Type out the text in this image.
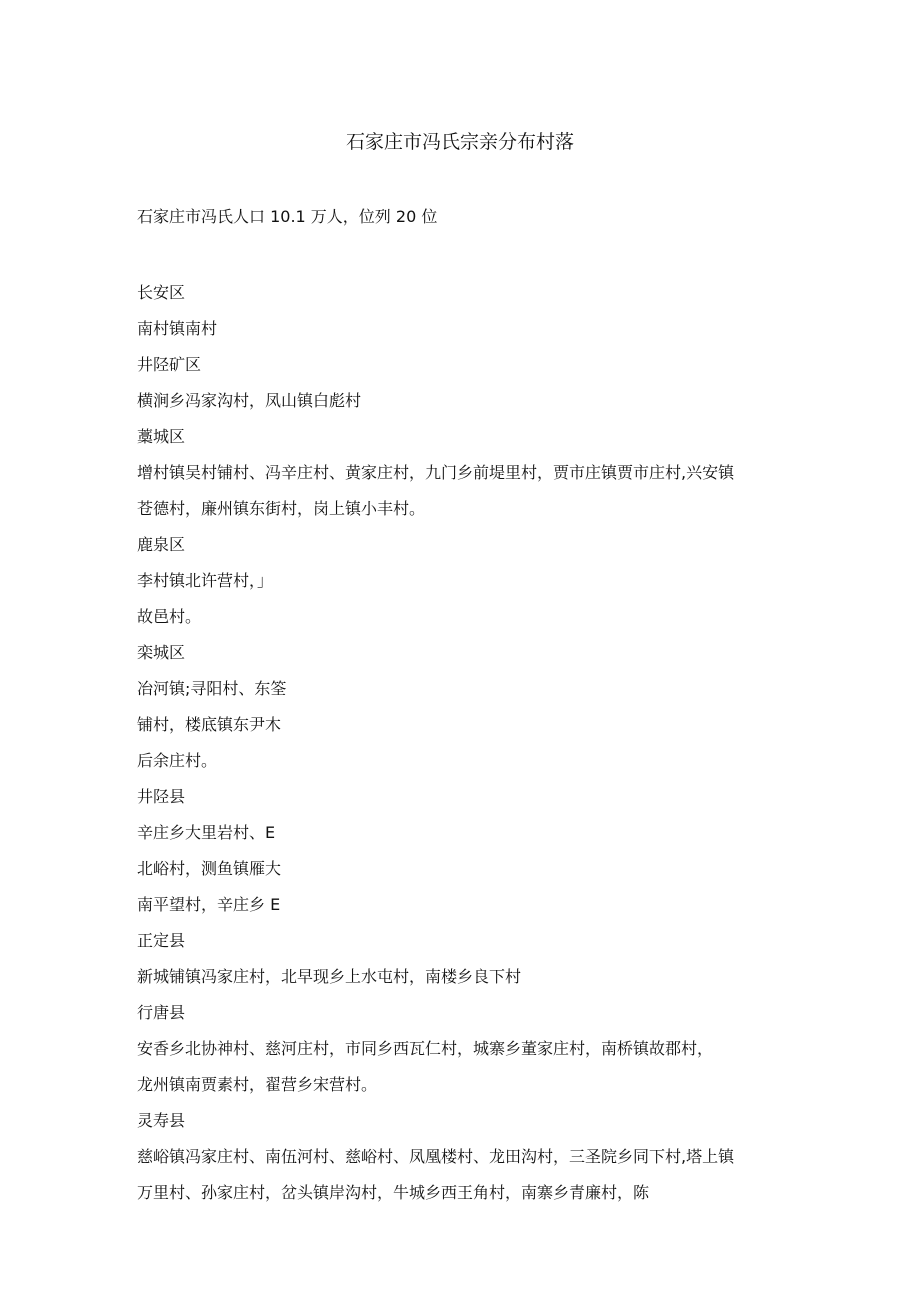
石家庄市冯氏宗亲分布村落
石家庄市冯氏人口 10.1 万人，位列 20 位
长安区
南村镇南村
井陉矿区
横涧乡冯家沟村，凤山镇白彪村
藁城区
增村镇吴村铺村、冯辛庄村、黄家庄村，九门乡前堤里村，贾市庄镇贾市庄村,兴安镇
苍德村，廉州镇东街村，岗上镇小丰村。
鹿泉区
李村镇北许营村，」
故邑村。
栾城区
冶河镇;寻阳村、东筌
铺村，楼底镇东尹木
后余庄村。
井陉县
辛庄乡大里岩村、E
北峪村，测鱼镇雁大
南平望村，辛庄乡 E
正定县
新城铺镇冯家庄村，北早现乡上水屯村，南楼乡良下村
行唐县
安香乡北协神村、慈河庄村，市同乡西瓦仁村，城寨乡董家庄村，南桥镇故郡村，
龙州镇南贾素村，翟营乡宋营村。
灵寿县
慈峪镇冯家庄村、南伍河村、慈峪村、凤凰楼村、龙田沟村，三圣院乡同下村,塔上镇
万里村、孙家庄村，岔头镇岸沟村，牛城乡西王角村，南寨乡青廉村，陈
